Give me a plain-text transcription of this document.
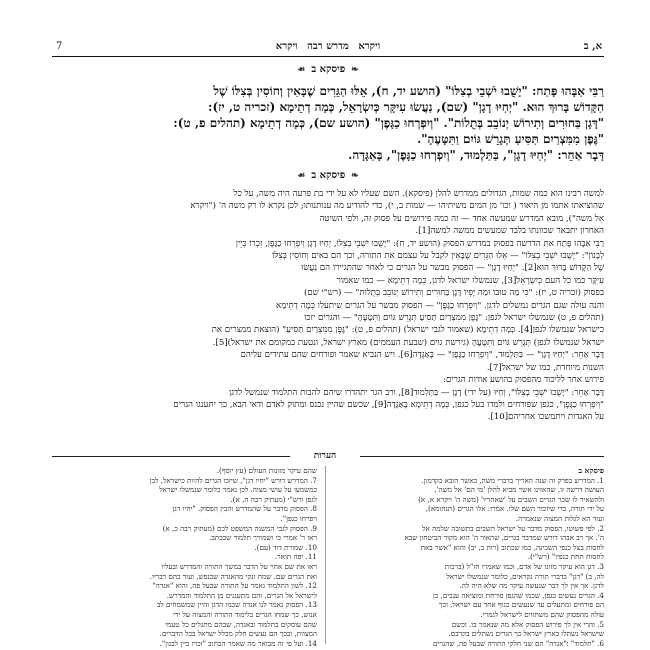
7	ויקרא מדרש רבה ויקרא	א, ב
❧פיסקא ב☙
רַבִּי אַבָּהוּ פָּתַח: "יָשֻׁבוּ יֹשְׁבֵי בְצִלּוֹ" (הושע יד, ח), אֵלּוּ הַגֵּרִים שֶׁבָּאִין וְחוֹסִין בְּצִלּוֹ שֶׁל
הַקָּדוֹשׁ בָּרוּךְ הוּא. "יְחַיּוּ דָגָן" (שם), נַעֲשׂוּ עִיקָּר כְּיִשְׂרָאֵל, כְּמָה דְתֵימָא (זכריה ט, יז):
"דָּגָן בַּחוּרִים וְתִירוֹשׁ יְנוֹבֵב בְּתֻלוֹת". "וְיִפְרְחוּ כַגָּפֶן" (הושע שם), כְּמָה דְתֵימָא (תהלים פ, ט):
"גֶּפֶן מִמִּצְרַיִם תַּסִּיעַ תְּגָרֵשׁ גּוֹיִם וַתִּטָּעֶהָ".
דָּבָר אַחֵר: "יְחַיּוּ דָגָן", בַּתַּלְמוּד, "וְיִפְרְחוּ כַגָּפֶן", בָּאַגָּדָה.
❧פיסקא ב☙
למשה רבינו הוא כמה שמות, הגדולים ממדרש להלן (פיסקא). השם שעליו לא על ידי בת פרעה היה משה, על כל
שהוציאתו אתמו מן היאור ( וכו' מן המים משיתיהו — שמות ב, י), כדי להודיע מה ענותנותו; לכן נקרא לו רק משה ה' ("ויקרא
אל משה"), מובא המדרש שמעשה אחד — זה כמה פירושים על פסוק זה, ולפי השיטה
האחרון יתבאר שכוונתו בלבד שמעשים ממשה למשה[1].
רַבִּי אַבָּהוּ פָּתַח את הדרשה בפסוק במדרש הפסוק (הושע יד, ח): "יָשֻׁבוּ יֹשְׁבֵי בְצִלּוֹ, יְחַיּוּ דָגָן וְיִפְרְחוּ כַגָּפֶן, זִכְרוֹ כְּיֵין
לְבָנוֹן": "יָשֻׁבוּ יֹשְׁבֵי בְצִלּוֹ" — אֵלּוּ הַגֵּרִים שֶׁבָּאִין לקבל על עצמם את התורה, וכך הם באים וְחוֹסִין בְּצִלּוֹ
שֶׁל הַקָּדוֹשׁ בָּרוּךְ הוּא[2]. "יְחַיּוּ דָגָן" — הפסוק מבשר על הגרים כי לאחר שהתגיירו הם נַעֲשׂוּ
עִיקָּר כמו כל העם כְּיִשְׂרָאֵל[3], שנמשלו ישראל לדגן, כְּמָה דְתֵימָא — כמו שאמור
בפסוק (זכריה ט, יז): "כִּי מַה טּוּבוֹ וּמַה יָּפְיוֹ דָּגָן בַּחוּרִים וְתִירוֹשׁ יְנוֹבֵב בְּתֻלוֹת" — (רש"י שם)
והנה עולה שגם הגרים נמשלים לדגן. "וְיִפְרְחוּ כַגָּפֶן" — הפסוק מבשר על הגרים שיתעלו כְּמָה דְתֵימָא
(תהלים פ, ט) שנמשלו ישראל לגפן: "גֶּפֶן מִמִּצְרַיִם תַּסִּיעַ תְּגָרֵשׁ גּוֹיִם וַתִּטָּעֶהָ" — והגרים יזכו
כישראל שנמשלו לגפן[4]. כְּמָה דְתֵימָא (שאמור לגבי ישראל) (תהלים פ, ט): "גֶּפֶן מִמִּצְרַיִם תַּסִּיעַ" (הוצאת ממצרים את
ישראל שנמשלו לגפן) תְּגָרֵשׁ גּוֹיִם וַתִּטָּעֶהָ (גירשת גוים (שבעת העממים) מארץ ישראל, ונטעת במקומם את ישראל)[5].
דָּבָר אַחֵר: "יְחַיּוּ דָגָן" — בַּתַּלְמוּד, "וְיִפְרְחוּ כַגָּפֶן" — בָּאַגָּדָה[6]. ויש הנביא שאמר ופורחים שהם עתידים עליהם
השנות מיוחדת, כמו של ישראל[7].
פירוש אחר לליכוד מהפסוק בהושע אודות הגרים:
דָּבָר אַחֵר: "יָשֻׁבוּ יֹשְׁבֵי בְצִלּוֹ", וְחַיּוּ (על ידי) דָגָן — בַּתַּלְמוּד[8], ורב הגר יתהדרו שיהם להבות התלמוד שנמשל לדגן
"וְיִפְרְחוּ כַגָּפֶן", כגפן שפורחים ולמדו בעל כגפן, כְּמָה דְתֵימָא בָּאַגָּדָה[9], שכשם שהיין נכנס ומתוק לאדם ודאי הבא, כך יתענגו הגרים
על האגדות ויתמשכו אחריהם[10].
הערות
פיסקא ב
1. המדרש בפרק זה שנה האריך בדברי משה, כאשר הובא בקדמון.
העושה דרשה זו, שהאזינו אשר מביא להלן 'מי הם' אל משה',
ולהשאיר לו שכר הגרים השבים על 'שאחריו' (משה ה' ויקרא א, א)
על ידי תורה, כדי שיזכור השם שלו. אמרו: אלו הגרים (תנחומא),
ועוד הא לגלות המצוה שנאמרה.
2. לפי פשוטו, הפסוק מדבר על ישראל השבים בתשובה שלמה אל
ה'. אך רב אבהו דורש שמדבר בגרים, שהאור ה' הוא מקור הביטחון שבא
לחסות בצל כנפי השכינה, כמו שכתוב (רות ב, יב) והוא "אשר באת
לחסות תחת כנפיו" (רש"י).
3. דגן הוא עיקר מזונו של אדם, וכמו שאמרו חז"ל (ברכות
לה, ב) "דגן" בדברי תורה נקראים, כלומר שנמשלו ישראל
לדגן. אך אין לך דבר שנעשה עיקר מה שלא היה לה.
4. הגרים נעשים כגפן, שכמו שהגפן פורחת ומוציאה ענבים, כן
הם פורחים ומתעלים עד שנעשים כגוף אחד עם ישראל, וכך
עולה מהפסוק שהם משתווים לישראל לגמרי.
5. והרי אין לך פירוש הפסוק אלא מה שנאמר בו. וכשם
שישראל נשתלו בארץ ישראל כך הגרים נשתלים בקרבם.
6. "תלמוד" ו"אגדה" הם שני חלקי התורה שבעל פה, שהגרים
שהם עיקר מזונות העולם (עץ יוסף).
7. המדרש דורש "יחיו דגן", שיזכו הגרים להיות כישראל, לכן
כמשמעו על עושי מצוה. לכן נאמר כלומר שנמשלו ישראל
לגפן ורש"י (מעתיק רבה ה, א).
8. הפסוק מדבר על שהמדרש והבין הפסוק. "יחיו דגן
ויפרחו כגפן".
9. הפסוק לגבי המשנה המשפט לכם (מעתיק רבה כ, א)
ראו ר' אמרי כי ושמורך תלמוד שבכתב.
10. שמורת דוד (עם).
11. יפה תואר.
ראו את שם אחר על הדבר במשך התורה והמדרש ובעליו
ואת הגרים שם. שמח ונקי מהאגדה שבנפש, ועוד בהם דבריו.
12. לשון התלמוד נאמר על התורה שבעל פה, והוא "אגדה"
לישראל אל הגרים, והם מתענגים מן התלמוד והמדרש.
13. הפסוק נאמר לנו אגדה שכמו הדגן והיין שמשמחים לב
אנוש, כך שמחו הגרים בלימוד התורה והמצוה על ידי
שהם עוסקים בתלמוד ובאגדה, שבהם מתגלים כל טעמי
המצוות, ובכך הם נעשים חלק מכלל ישראל בכל הדברים.
14. ועל פי זה מבואר מה שאמר הכתוב "זכרו כיין לבנון".
